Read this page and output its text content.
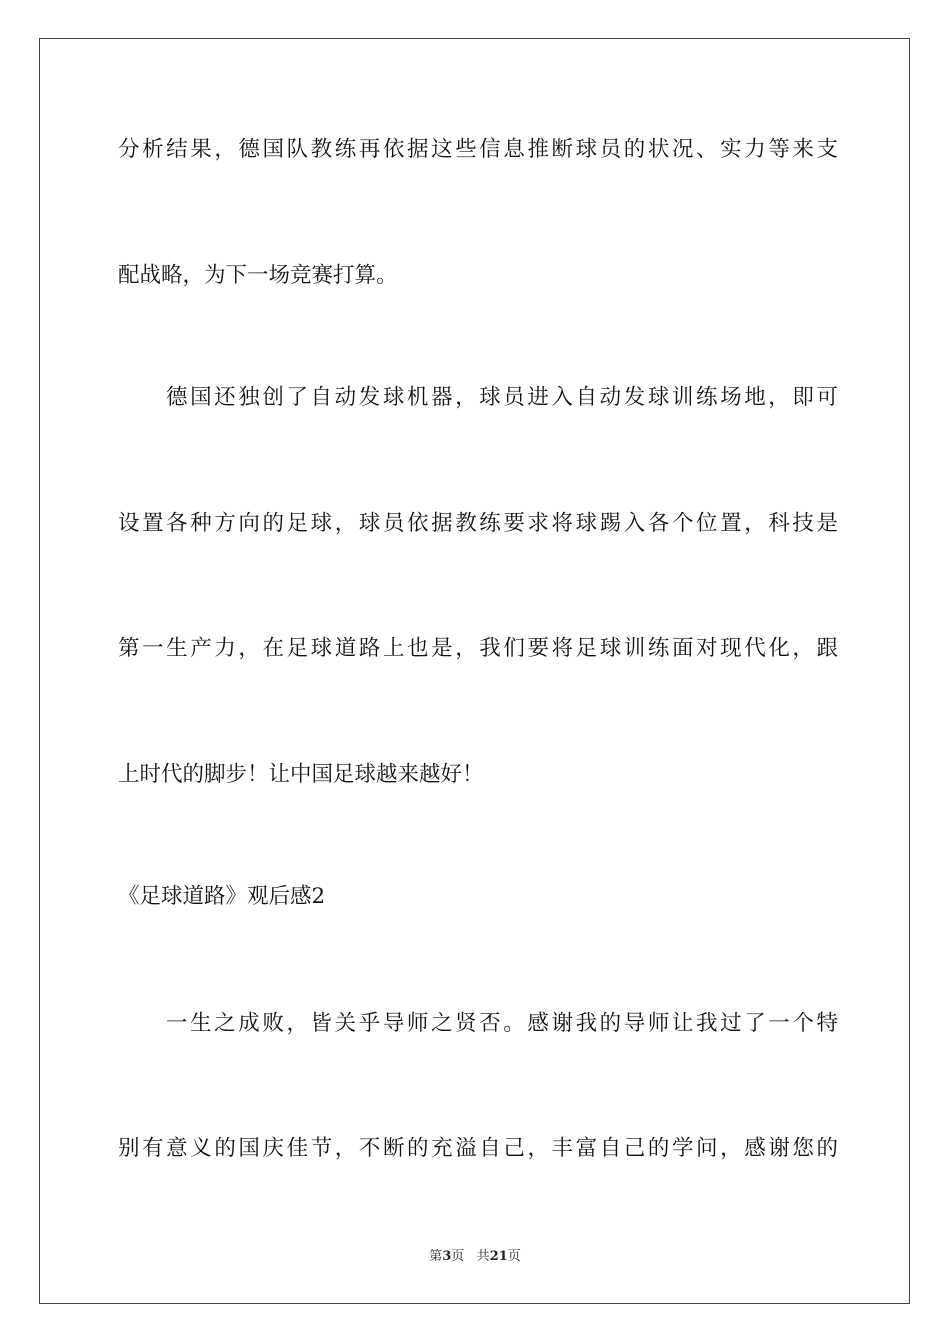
分析结果，德国队教练再依据这些信息推断球员的状况、实力等来支
配战略，为下一场竞赛打算。
德国还独创了自动发球机器，球员进入自动发球训练场地，即可
设置各种方向的足球，球员依据教练要求将球踢入各个位置，科技是
第一生产力，在足球道路上也是，我们要将足球训练面对现代化，跟
上时代的脚步！让中国足球越来越好！
《足球道路》观后感2
一生之成败，皆关乎导师之贤否。感谢我的导师让我过了一个特
别有意义的国庆佳节，不断的充溢自己，丰富自己的学问，感谢您的
第3页 共21页
